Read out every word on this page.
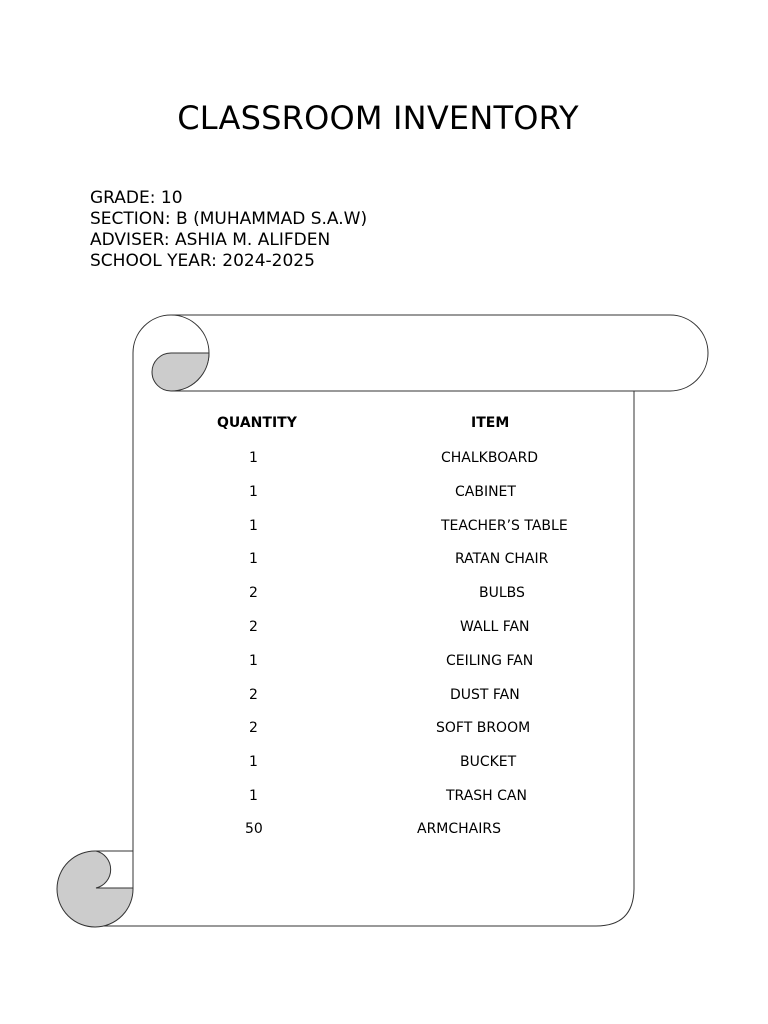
CLASSROOM INVENTORY
GRADE: 10
SECTION: B (MUHAMMAD S.A.W)
ADVISER: ASHIA M. ALIFDEN
SCHOOL YEAR: 2024-2025
QUANTITY	ITEM
1	CHALKBOARD
1	CABINET
1	TEACHER’S TABLE
1	RATAN CHAIR
2	BULBS
2	WALL FAN
1	CEILING FAN
2	DUST FAN
2	SOFT BROOM
1	BUCKET
1	TRASH CAN
50	ARMCHAIRS
